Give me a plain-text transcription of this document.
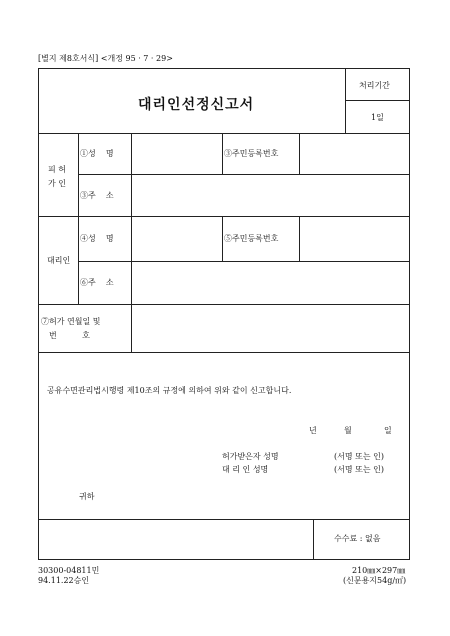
[별지 제8호서식] <개정 95 · 7 · 29>
대리인선정신고서
처리기간
1일
피 허
가 인
①성    명	③주민등록번호
③주    소
대리인
④성    명	⑤주민등록번호
⑥주    소
⑦허가 연월일 및
번          호
공유수면관리법시행령 제10조의 규정에 의하여 위와 같이 신고합니다.
년	월	일
허가받은자 성명	(서명 또는 인)
대 리 인 성명	(서명 또는 인)
귀하
수수료 : 없음
30300-04811민
94.11.22승인
210㎜×297㎜
(신문용지54g/㎡)
